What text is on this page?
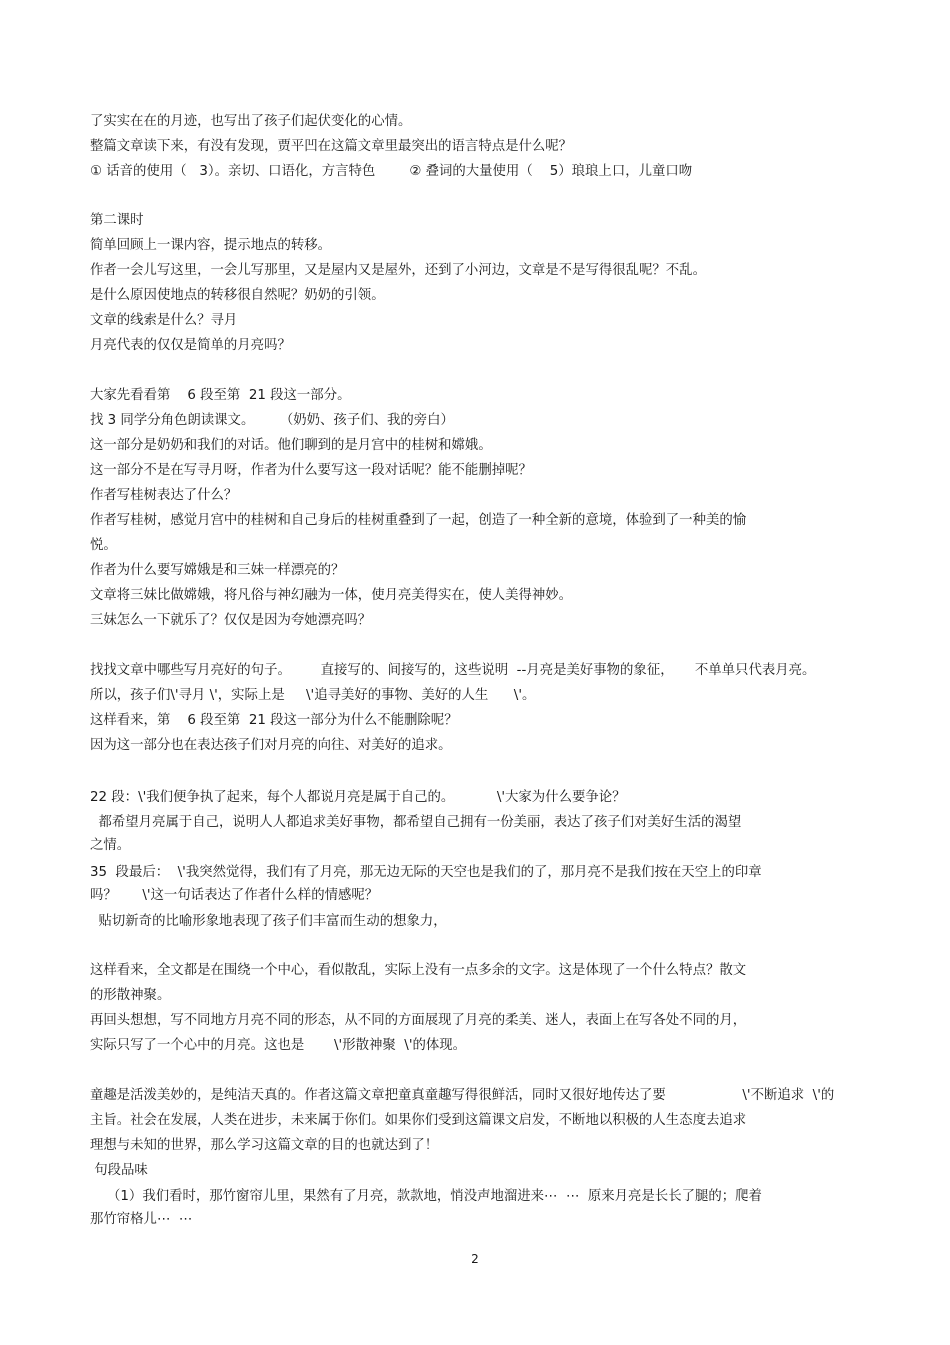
了实实在在的月迹，也写出了孩子们起伏变化的心情。
整篇文章读下来，有没有发现，贾平凹在这篇文章里最突出的语言特点是什么呢？
① 话音的使用（   3）。亲切、口语化，方言特色        ② 叠词的大量使用（    5）琅琅上口，儿童口吻
第二课时
简单回顾上一课内容，提示地点的转移。
作者一会儿写这里，一会儿写那里，又是屋内又是屋外，还到了小河边，文章是不是写得很乱呢？不乱。
是什么原因使地点的转移很自然呢？奶奶的引领。
文章的线索是什么？寻月
月亮代表的仅仅是简单的月亮吗？
大家先看看第    6 段至第  21 段这一部分。
找 3 同学分角色朗读课文。      （奶奶、孩子们、我的旁白）
这一部分是奶奶和我们的对话。他们聊到的是月宫中的桂树和嫦娥。
这一部分不是在写寻月呀，作者为什么要写这一段对话呢？能不能删掉呢？
作者写桂树表达了什么？
作者写桂树，感觉月宫中的桂树和自己身后的桂树重叠到了一起，创造了一种全新的意境，体验到了一种美的愉
悦。
作者为什么要写嫦娥是和三妹一样漂亮的？
文章将三妹比做嫦娥，将凡俗与神幻融为一体，使月亮美得实在，使人美得神妙。
三妹怎么一下就乐了？仅仅是因为夸她漂亮吗？
找找文章中哪些写月亮好的句子。       直接写的、间接写的，这些说明  --月亮是美好事物的象征，     不单单只代表月亮。
所以，孩子们\'寻月 \'，实际上是     \'追寻美好的事物、美好的人生      \'。
这样看来，第    6 段至第  21 段这一部分为什么不能删除呢？
因为这一部分也在表达孩子们对月亮的向往、对美好的追求。
22 段：\'我们便争执了起来，每个人都说月亮是属于自己的。          \'大家为什么要争论？
都希望月亮属于自己，说明人人都追求美好事物，都希望自己拥有一份美丽，表达了孩子们对美好生活的渴望
之情。
35  段最后：  \'我突然觉得，我们有了月亮，那无边无际的天空也是我们的了，那月亮不是我们按在天空上的印章
吗？      \'这一句话表达了作者什么样的情感呢？
贴切新奇的比喻形象地表现了孩子们丰富而生动的想象力，
这样看来，全文都是在围绕一个中心，看似散乱，实际上没有一点多余的文字。这是体现了一个什么特点？散文
的形散神聚。
再回头想想，写不同地方月亮不同的形态，从不同的方面展现了月亮的柔美、迷人，表面上在写各处不同的月，
实际只写了一个心中的月亮。这也是       \'形散神聚  \'的体现。
童趣是活泼美妙的，是纯洁天真的。作者这篇文章把童真童趣写得很鲜活，同时又很好地传达了要                  \'不断追求  \'的
主旨。社会在发展，人类在进步，未来属于你们。如果你们受到这篇课文启发，不断地以积极的人生态度去追求
理想与未知的世界，那么学习这篇文章的目的也就达到了！
句段品味
（1）我们看时，那竹窗帘儿里，果然有了月亮，款款地，悄没声地溜进来⋯  ⋯  原来月亮是长长了腿的；爬着
那竹帘格儿⋯  ⋯
2
